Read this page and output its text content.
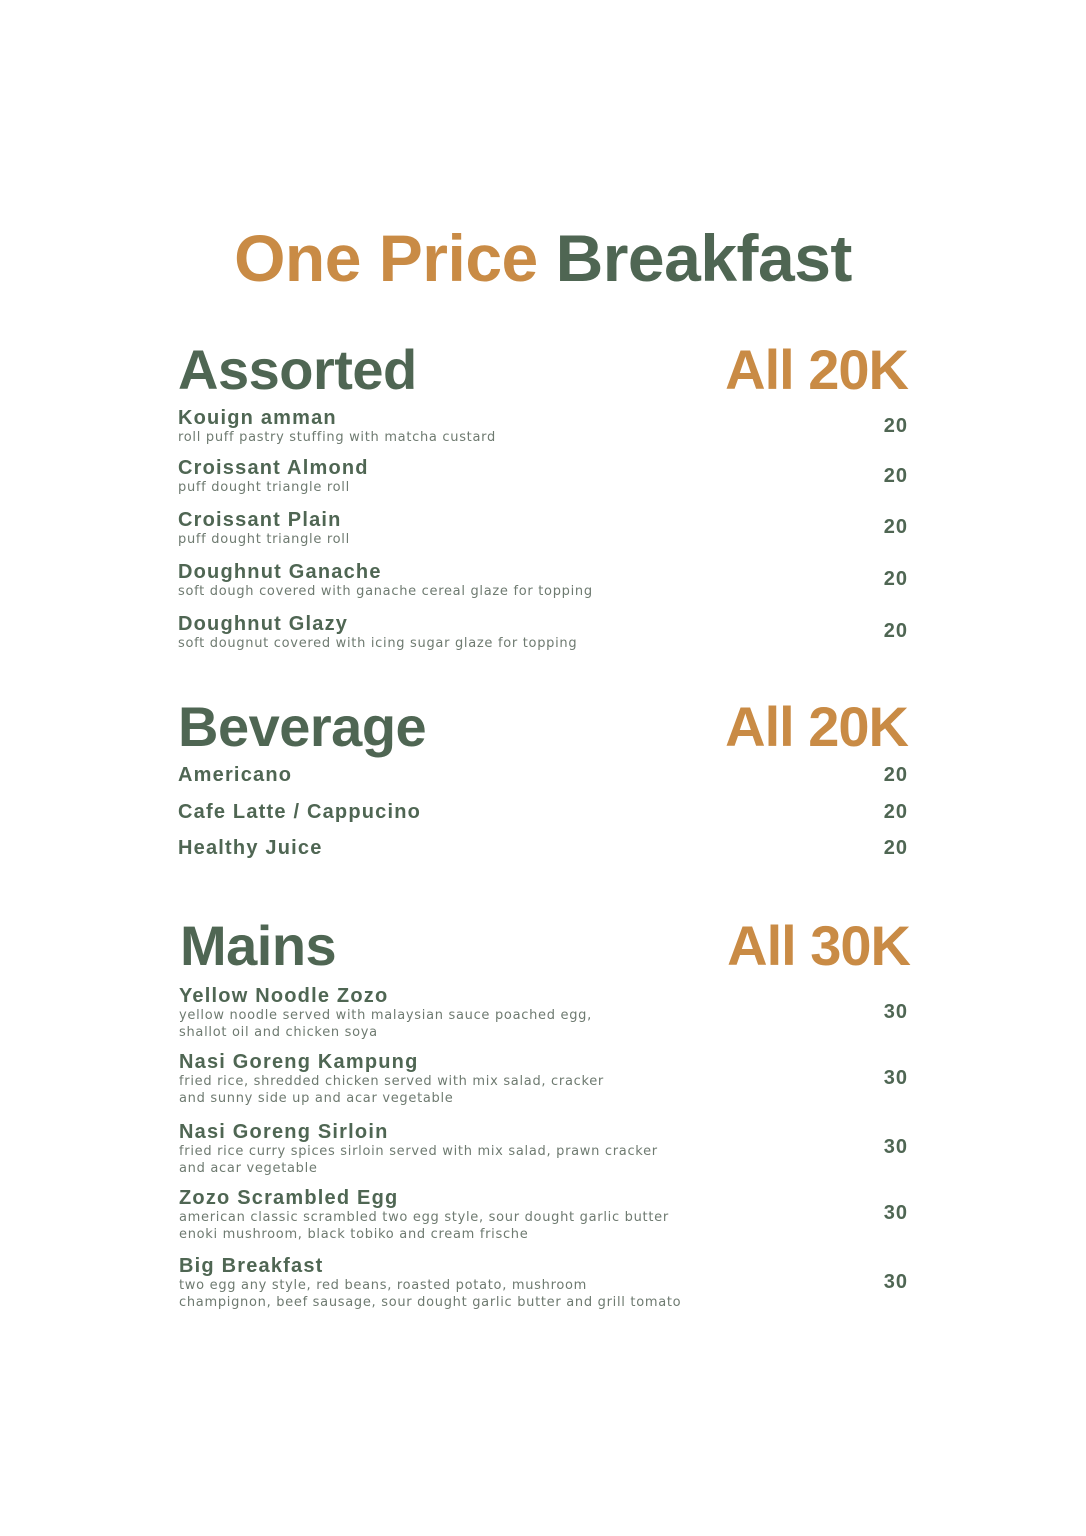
One Price Breakfast
Assorted	All 20K
Kouign amman
roll puff pastry stuffing with matcha custard
20
Croissant Almond
puff dought triangle roll
20
Croissant Plain
puff dought triangle roll
20
Doughnut Ganache
soft dough covered with ganache cereal glaze for topping
20
Doughnut Glazy
soft dougnut covered with icing sugar glaze for topping
20
Beverage	All 20K
Americano	20
Cafe Latte / Cappucino	20
Healthy Juice	20
Mains	All 30K
Yellow Noodle Zozo
yellow noodle served with malaysian sauce poached egg,
shallot oil and chicken soya
30
Nasi Goreng Kampung
fried rice, shredded chicken served with mix salad, cracker
and sunny side up and acar vegetable
30
Nasi Goreng Sirloin
fried rice curry spices sirloin served with mix salad, prawn cracker
and acar vegetable
30
Zozo Scrambled Egg
american classic scrambled two egg style, sour dought garlic butter
enoki mushroom, black tobiko and cream frische
30
Big Breakfast
two egg any style, red beans, roasted potato, mushroom
champignon, beef sausage, sour dought garlic butter and grill tomato
30
